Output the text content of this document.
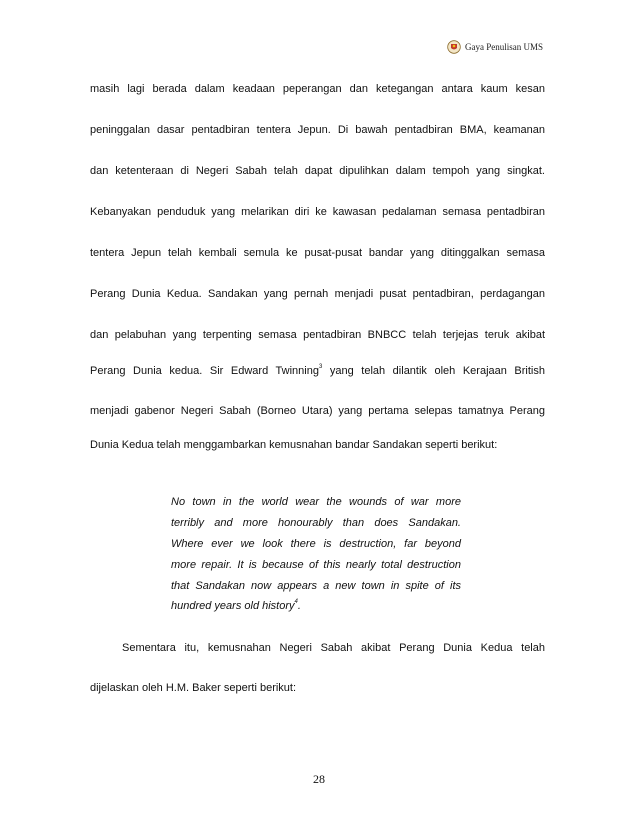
Gaya Penulisan UMS
masih lagi berada dalam keadaan peperangan dan ketegangan antara kaum kesan
peninggalan dasar pentadbiran tentera Jepun. Di bawah pentadbiran BMA, keamanan
dan ketenteraan di Negeri Sabah telah dapat dipulihkan dalam tempoh yang singkat.
Kebanyakan penduduk yang melarikan diri ke kawasan pedalaman semasa pentadbiran
tentera Jepun telah kembali semula ke pusat-pusat bandar yang ditinggalkan semasa
Perang Dunia Kedua. Sandakan yang pernah menjadi pusat pentadbiran, perdagangan
dan pelabuhan yang terpenting semasa pentadbiran BNBCC telah terjejas teruk akibat
Perang Dunia kedua. Sir Edward Twinning$^3$ yang telah dilantik oleh Kerajaan British
menjadi gabenor Negeri Sabah (Borneo Utara) yang pertama selepas tamatnya Perang
Dunia Kedua telah menggambarkan kemusnahan bandar Sandakan seperti berikut:
No town in the world wear the wounds of war more
terribly and more honourably than does Sandakan.
Where ever we look there is destruction, far beyond
more repair. It is because of this nearly total destruction
that Sandakan now appears a new town in spite of its
hundred years old history$^4$.
Sementara itu, kemusnahan Negeri Sabah akibat Perang Dunia Kedua telah
dijelaskan oleh H.M. Baker seperti berikut:
28
